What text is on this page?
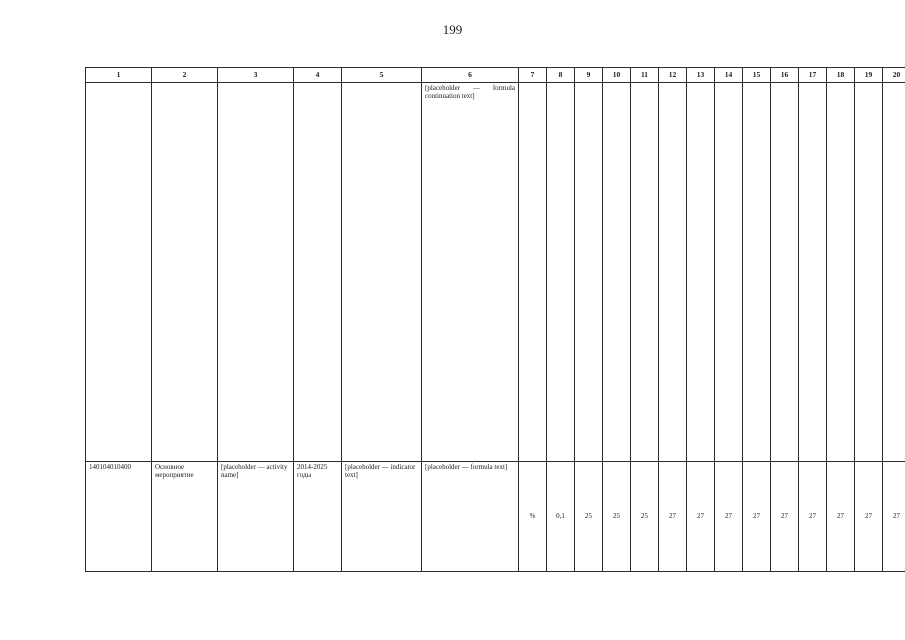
199
1	2	3	4	5	6	7	8	9	10	11	12	13	14	15	16	17	18	19	20
					[placeholder — formula continuation text]														
140104010400	Основное мероприятие	[placeholder — activity name]	2014-2025 годы	[placeholder — indicator text]	[placeholder — formula text]	%	0,1	25	25	25	27	27	27	27	27	27	27	27	27
